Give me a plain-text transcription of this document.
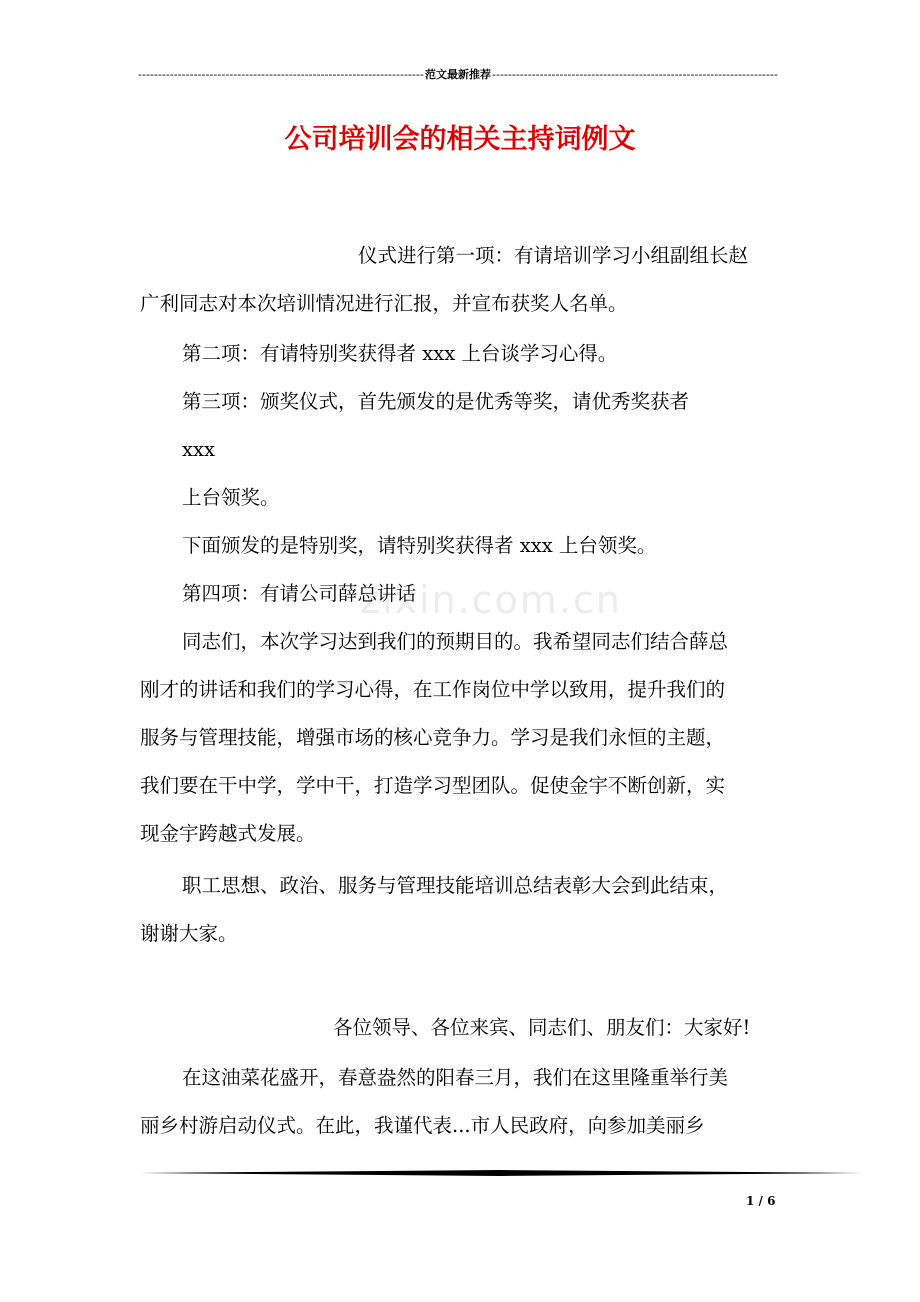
-----
范文最新推荐
-----
公司培训会的相关主持词例文
zixin.com.cn

仪式进行第一项：有请培训学习小组副组长赵

广利同志对本次培训情况进行汇报，并宣布获奖人名单。

第二项：有请特别奖获得者 xxx 上台谈学习心得。

第三项：颁奖仪式，首先颁发的是优秀等奖，请优秀奖获者

xxx

上台领奖。

下面颁发的是特别奖，请特别奖获得者 xxx 上台领奖。

第四项：有请公司薛总讲话

同志们，本次学习达到我们的预期目的。我希望同志们结合薛总

刚才的讲话和我们的学习心得，在工作岗位中学以致用，提升我们的

服务与管理技能，增强市场的核心竞争力。学习是我们永恒的主题，

我们要在干中学，学中干，打造学习型团队。促使金宇不断创新，实

现金宇跨越式发展。

职工思想、政治、服务与管理技能培训总结表彰大会到此结束，

谢谢大家。

各位领导、各位来宾、同志们、朋友们：大家好!

在这油菜花盛开，春意盎然的阳春三月，我们在这里隆重举行美

丽乡村游启动仪式。在此，我谨代表...市人民政府，向参加美丽乡

1 / 6
